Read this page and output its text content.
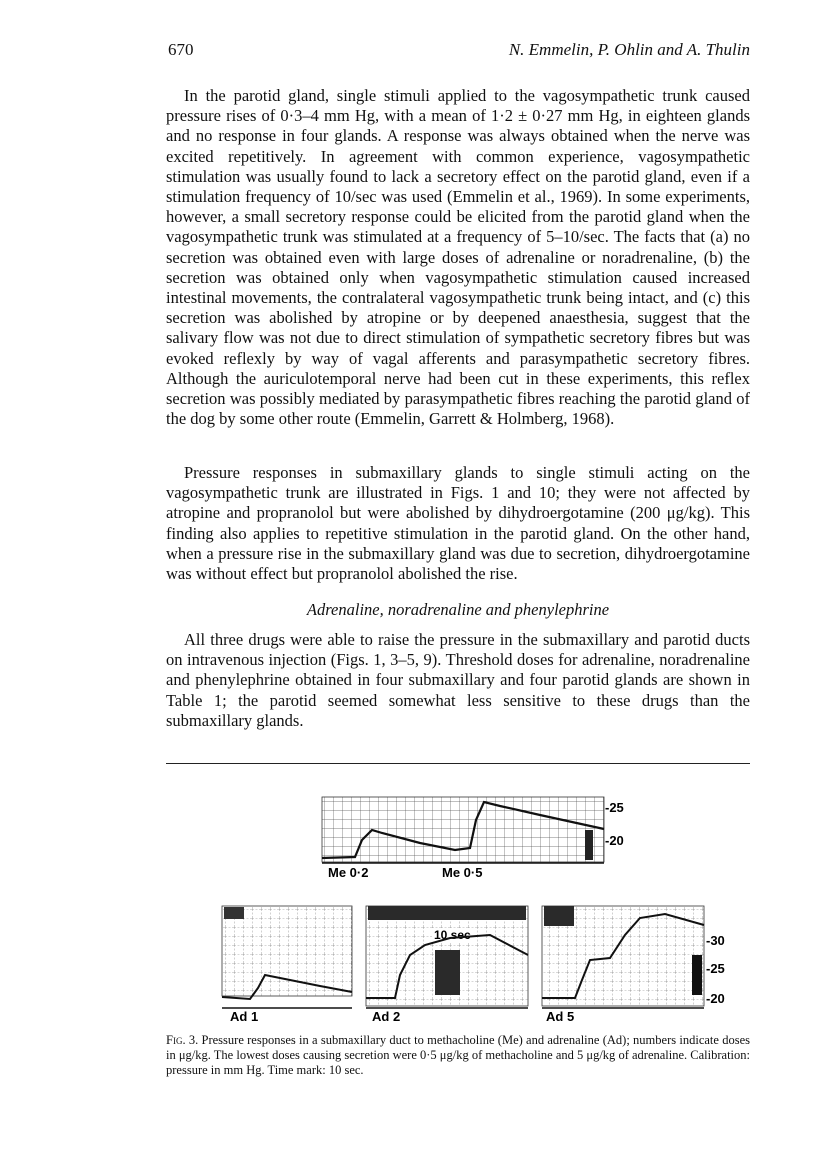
670	N. Emmelin, P. Ohlin and A. Thulin

In the parotid gland, single stimuli applied to the vagosympathetic trunk caused pressure rises of 0·3–4 mm Hg, with a mean of 1·2 ± 0·27 mm Hg, in eighteen glands and no response in four glands. A response was always obtained when the nerve was excited repetitively. In agreement with common experience, vagosympathetic stimulation was usually found to lack a secretory effect on the parotid gland, even if a stimulation frequency of 10/sec was used (Emmelin et al., 1969). In some experiments, however, a small secretory response could be elicited from the parotid gland when the vagosympathetic trunk was stimulated at a frequency of 5–10/sec. The facts that (a) no secretion was obtained even with large doses of adrenaline or noradrenaline, (b) the secretion was obtained only when vagosympathetic stimulation caused increased intestinal movements, the contralateral vagosympathetic trunk being intact, and (c) this secretion was abolished by atropine or by deepened anaesthesia, suggest that the salivary flow was not due to direct stimulation of sympathetic secretory fibres but was evoked reflexly by way of vagal afferents and parasympathetic secretory fibres. Although the auriculotemporal nerve had been cut in these experiments, this reflex secretion was possibly mediated by parasympathetic fibres reaching the parotid gland of the dog by some other route (Emmelin, Garrett & Holmberg, 1968).

Pressure responses in submaxillary glands to single stimuli acting on the vagosympathetic trunk are illustrated in Figs. 1 and 10; they were not affected by atropine and propranolol but were abolished by dihydroergotamine (200 μg/kg). This finding also applies to repetitive stimulation in the parotid gland. On the other hand, when a pressure rise in the submaxillary gland was due to secretion, dihydroergotamine was without effect but propranolol abolished the rise.

Adrenaline, noradrenaline and phenylephrine

All three drugs were able to raise the pressure in the submaxillary and parotid ducts on intravenous injection (Figs. 1, 3–5, 9). Threshold doses for adrenaline, noradrenaline and phenylephrine obtained in four submaxillary and four parotid glands are shown in Table 1; the parotid seemed somewhat less sensitive to these drugs than the submaxillary glands.

-25
-20
Me 0·2	Me 0·5
Ad 1
10 sec
Ad 2	Ad 5
-30
-25
-20
Fig. 3. Pressure responses in a submaxillary duct to methacholine (Me) and adrenaline (Ad); numbers indicate doses in μg/kg. The lowest doses causing secretion were 0·5 μg/kg of methacholine and 5 μg/kg of adrenaline. Calibration: pressure in mm Hg. Time mark: 10 sec.
